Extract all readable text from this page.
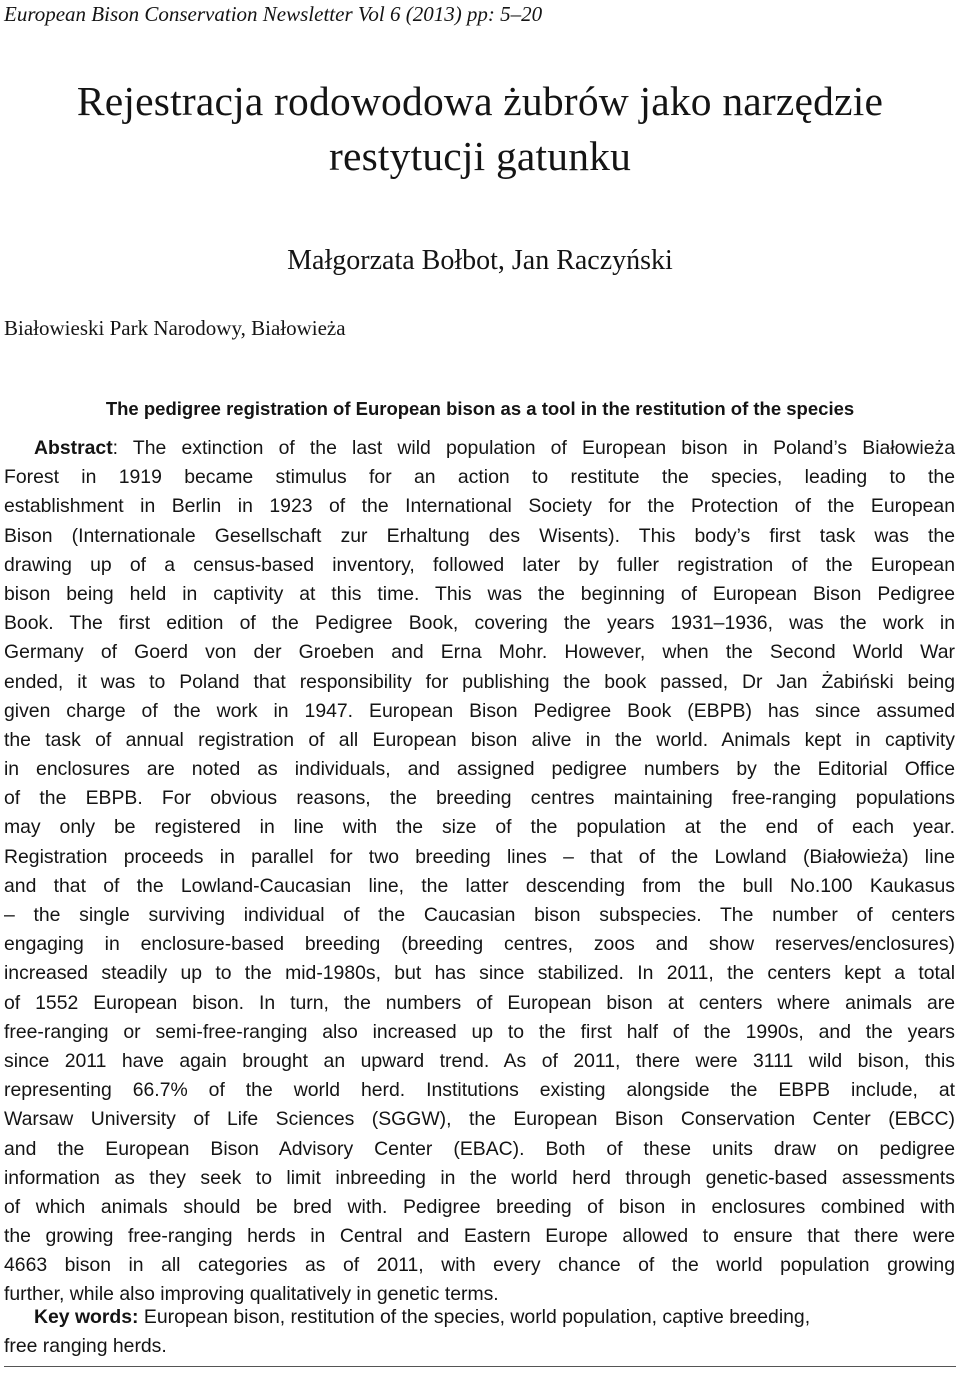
European Bison Conservation Newsletter Vol 6 (2013) pp: 5–20
Rejestracja rodowodowa żubrów jako narzędzie
restytucji gatunku
Małgorzata Bołbot, Jan Raczyński
Białowieski Park Narodowy, Białowieża
The pedigree registration of European bison as a tool in the restitution of the species
Abstract: The extinction of the last wild population of European bison in Poland’s Białowieża
Forest in 1919 became stimulus for an action to restitute the species, leading to the
establishment in Berlin in 1923 of the International Society for the Protection of the European
Bison (Internationale Gesellschaft zur Erhaltung des Wisents). This body’s first task was the
drawing up of a census-based inventory, followed later by fuller registration of the European
bison being held in captivity at this time. This was the beginning of European Bison Pedigree
Book. The first edition of the Pedigree Book, covering the years 1931–1936, was the work in
Germany of Goerd von der Groeben and Erna Mohr. However, when the Second World War
ended, it was to Poland that responsibility for publishing the book passed, Dr Jan Żabiński being
given charge of the work in 1947. European Bison Pedigree Book (EBPB) has since assumed
the task of annual registration of all European bison alive in the world. Animals kept in captivity
in enclosures are noted as individuals, and assigned pedigree numbers by the Editorial Office
of the EBPB. For obvious reasons, the breeding centres maintaining free-ranging populations
may only be registered in line with the size of the population at the end of each year.
Registration proceeds in parallel for two breeding lines – that of the Lowland (Białowieża) line
and that of the Lowland-Caucasian line, the latter descending from the bull No.100 Kaukasus
– the single surviving individual of the Caucasian bison subspecies. The number of centers
engaging in enclosure-based breeding (breeding centres, zoos and show reserves/enclosures)
increased steadily up to the mid-1980s, but has since stabilized. In 2011, the centers kept a total
of 1552 European bison. In turn, the numbers of European bison at centers where animals are
free-ranging or semi-free-ranging also increased up to the first half of the 1990s, and the years
since 2011 have again brought an upward trend. As of 2011, there were 3111 wild bison, this
representing 66.7% of the world herd. Institutions existing alongside the EBPB include, at
Warsaw University of Life Sciences (SGGW), the European Bison Conservation Center (EBCC)
and the European Bison Advisory Center (EBAC). Both of these units draw on pedigree
information as they seek to limit inbreeding in the world herd through genetic-based assessments
of which animals should be bred with. Pedigree breeding of bison in enclosures combined with
the growing free-ranging herds in Central and Eastern Europe allowed to ensure that there were
4663 bison in all categories as of 2011, with every chance of the world population growing
further, while also improving qualitatively in genetic terms.
Key words: European bison, restitution of the species, world population, captive breeding,
free ranging herds.
